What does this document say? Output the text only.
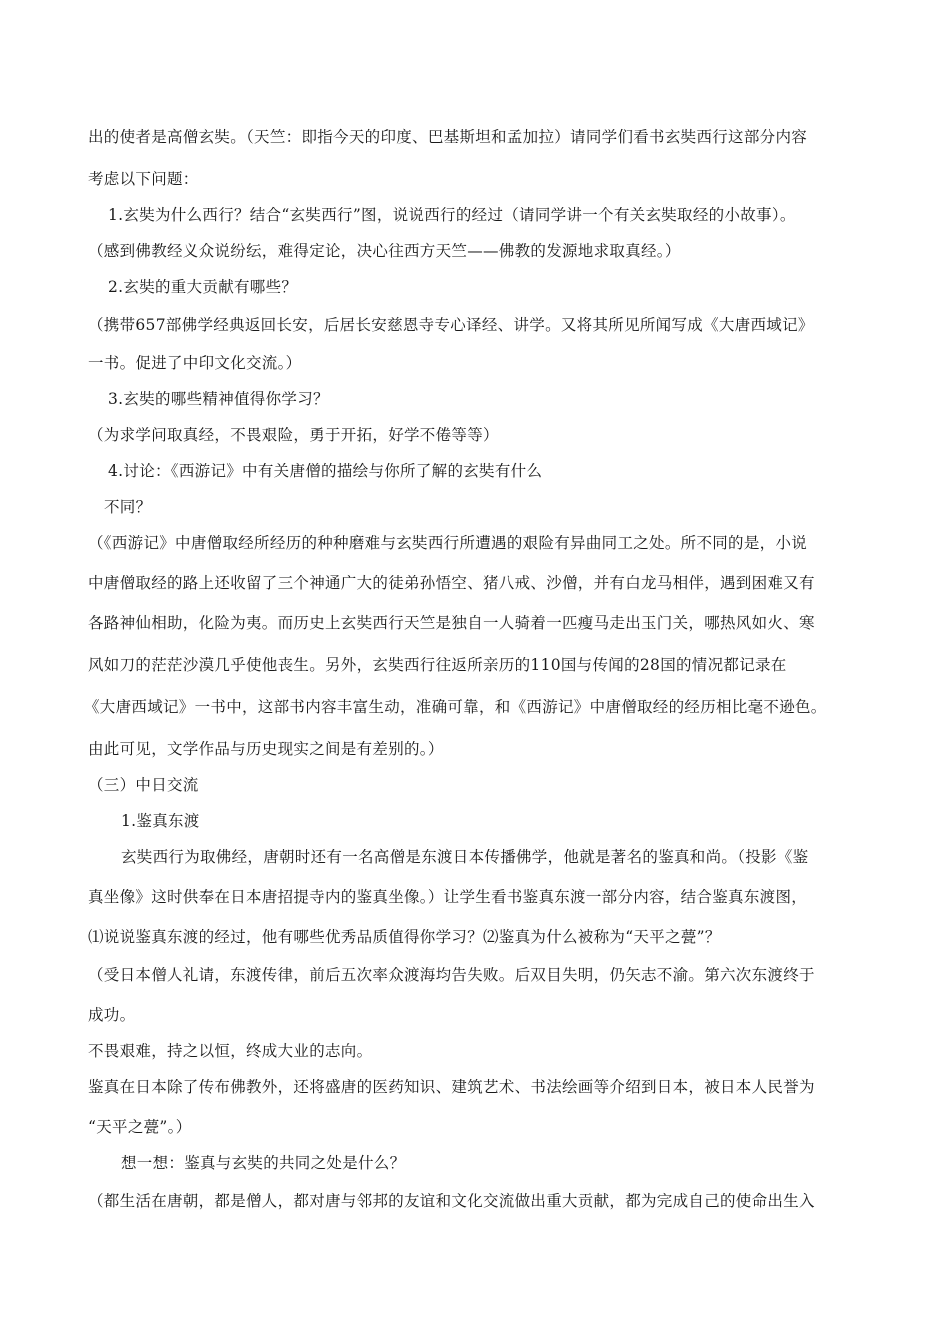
出的使者是高僧玄奘。（天竺：即指今天的印度、巴基斯坦和孟加拉）请同学们看书玄奘西行这部分内容
考虑以下问题：
1.玄奘为什么西行？结合“玄奘西行”图，说说西行的经过（请同学讲一个有关玄奘取经的小故事）。
（感到佛教经义众说纷纭，难得定论，决心往西方天竺——佛教的发源地求取真经。）
2.玄奘的重大贡献有哪些？
（携带657部佛学经典返回长安，后居长安慈恩寺专心译经、讲学。又将其所见所闻写成《大唐西域记》
一书。促进了中印文化交流。）
3.玄奘的哪些精神值得你学习？
（为求学问取真经，不畏艰险，勇于开拓，好学不倦等等）
4.讨论：《西游记》中有关唐僧的描绘与你所了解的玄奘有什么
不同？
（《西游记》中唐僧取经所经历的种种磨难与玄奘西行所遭遇的艰险有异曲同工之处。所不同的是，小说
中唐僧取经的路上还收留了三个神通广大的徒弟孙悟空、猪八戒、沙僧，并有白龙马相伴，遇到困难又有
各路神仙相助，化险为夷。而历史上玄奘西行天竺是独自一人骑着一匹瘦马走出玉门关，哪热风如火、寒
风如刀的茫茫沙漠几乎使他丧生。另外，玄奘西行往返所亲历的110国与传闻的28国的情况都记录在
《大唐西域记》一书中，这部书内容丰富生动，准确可靠，和《西游记》中唐僧取经的经历相比毫不逊色。
由此可见，文学作品与历史现实之间是有差别的。）
（三）中日交流
1.鉴真东渡
玄奘西行为取佛经，唐朝时还有一名高僧是东渡日本传播佛学，他就是著名的鉴真和尚。（投影《鉴
真坐像》这时供奉在日本唐招提寺内的鉴真坐像。）让学生看书鉴真东渡一部分内容，结合鉴真东渡图，
⑴说说鉴真东渡的经过，他有哪些优秀品质值得你学习？⑵鉴真为什么被称为“天平之甍”？
（受日本僧人礼请，东渡传律，前后五次率众渡海均告失败。后双目失明，仍矢志不渝。第六次东渡终于
成功。
不畏艰难，持之以恒，终成大业的志向。
鉴真在日本除了传布佛教外，还将盛唐的医药知识、建筑艺术、书法绘画等介绍到日本，被日本人民誉为
“天平之甍”。）
想一想：鉴真与玄奘的共同之处是什么？
（都生活在唐朝，都是僧人，都对唐与邻邦的友谊和文化交流做出重大贡献，都为完成自己的使命出生入
